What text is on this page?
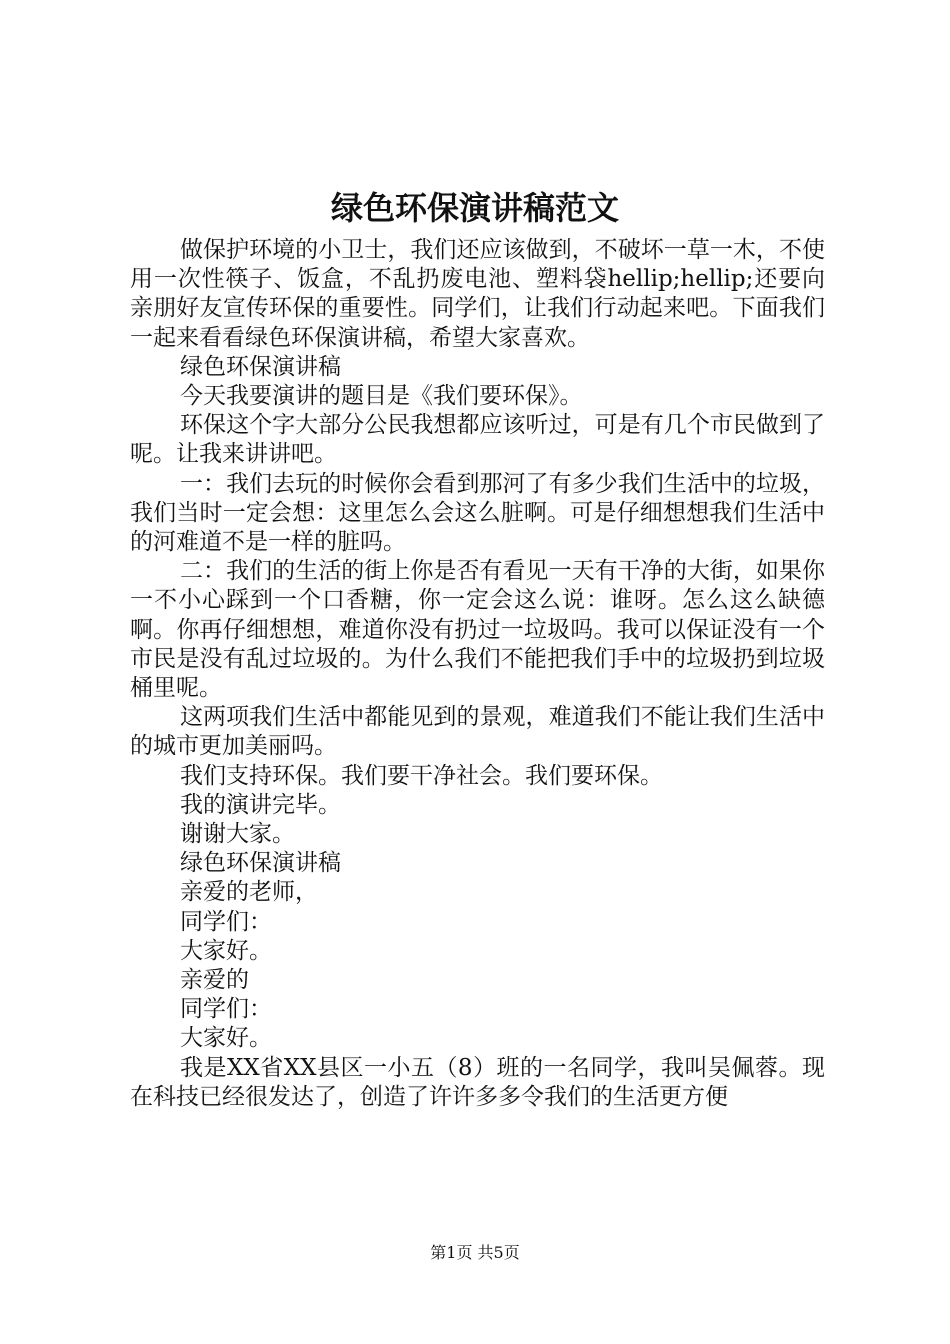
绿色环保演讲稿范文

做保护环境的小卫士，我们还应该做到，不破坏一草一木，不使用一次性筷子、饭盒，不乱扔废电池、塑料袋hellip;hellip;还要向亲朋好友宣传环保的重要性。同学们，让我们行动起来吧。下面我们一起来看看绿色环保演讲稿，希望大家喜欢。

绿色环保演讲稿

今天我要演讲的题目是《我们要环保》。

环保这个字大部分公民我想都应该听过，可是有几个市民做到了呢。让我来讲讲吧。

一：我们去玩的时候你会看到那河了有多少我们生活中的垃圾，我们当时一定会想：这里怎么会这么脏啊。可是仔细想想我们生活中的河难道不是一样的脏吗。

二：我们的生活的街上你是否有看见一天有干净的大街，如果你一不小心踩到一个口香糖，你一定会这么说：谁呀。怎么这么缺德啊。你再仔细想想，难道你没有扔过一垃圾吗。我可以保证没有一个市民是没有乱过垃圾的。为什么我们不能把我们手中的垃圾扔到垃圾桶里呢。

这两项我们生活中都能见到的景观，难道我们不能让我们生活中的城市更加美丽吗。

我们支持环保。我们要干净社会。我们要环保。

我的演讲完毕。

谢谢大家。

绿色环保演讲稿

亲爱的老师，

同学们：

大家好。

亲爱的

同学们：

大家好。

我是XX省XX县区一小五（8）班的一名同学，我叫吴佩蓉。现在科技已经很发达了，创造了许许多多令我们的生活更方便

第1页 共5页
